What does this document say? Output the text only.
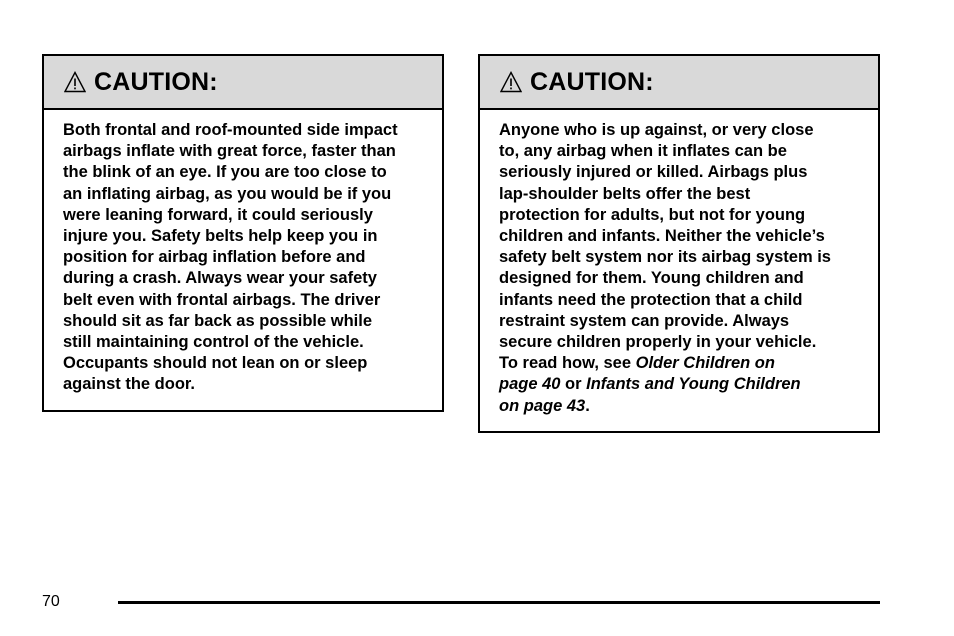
CAUTION:

Both frontal and roof-mounted side impact
airbags inflate with great force, faster than
the blink of an eye. If you are too close to
an inflating airbag, as you would be if you
were leaning forward, it could seriously
injure you. Safety belts help keep you in
position for airbag inflation before and
during a crash. Always wear your safety
belt even with frontal airbags. The driver
should sit as far back as possible while
still maintaining control of the vehicle.
Occupants should not lean on or sleep
against the door.

CAUTION:

Anyone who is up against, or very close
to, any airbag when it inflates can be
seriously injured or killed. Airbags plus
lap-shoulder belts offer the best
protection for adults, but not for young
children and infants. Neither the vehicle’s
safety belt system nor its airbag system is
designed for them. Young children and
infants need the protection that a child
restraint system can provide. Always
secure children properly in your vehicle.
To read how, see Older Children on
page 40 or Infants and Young Children
on page 43.

70
